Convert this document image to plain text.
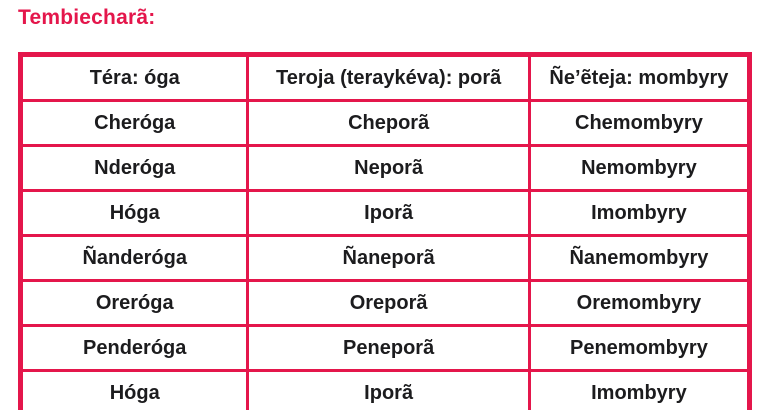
Tembiecharã:
Téra: óga	Teroja (teraykéva): porã	Ñe’ẽteja: mombyry
Cheróga	Cheporã	Chemombyry
Nderóga	Neporã	Nemombyry
Hóga	Iporã	Imombyry
Ñanderóga	Ñaneporã	Ñanemombyry
Oreróga	Oreporã	Oremombyry
Penderóga	Peneporã	Penemombyry
Hóga	Iporã	Imombyry
